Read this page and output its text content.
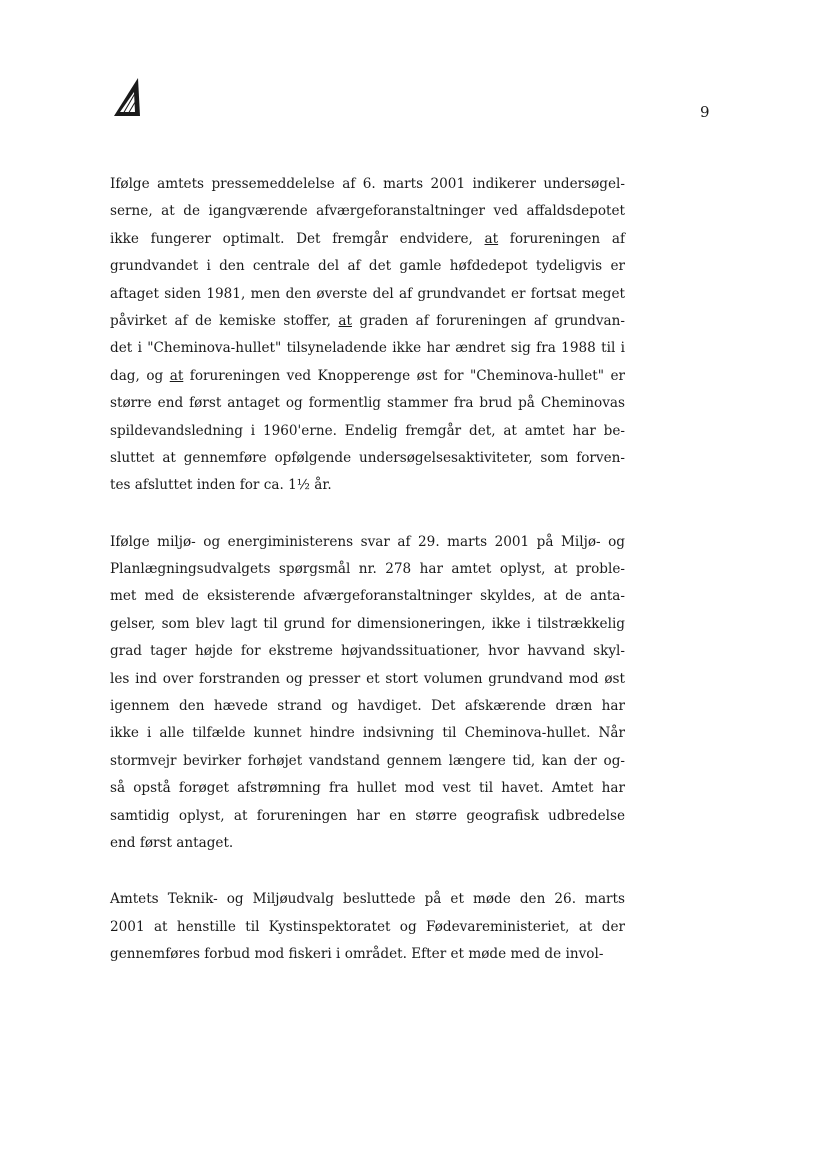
9
Ifølge amtets pressemeddelelse af 6. marts 2001 indikerer undersøgel-
serne, at de igangværende afværgeforanstaltninger ved affaldsdepotet
ikke fungerer optimalt. Det fremgår endvidere, at forureningen af
grundvandet i den centrale del af det gamle høfdedepot tydeligvis er
aftaget siden 1981, men den øverste del af grundvandet er fortsat meget
påvirket af de kemiske stoffer, at graden af forureningen af grundvan-
det i "Cheminova-hullet" tilsyneladende ikke har ændret sig fra 1988 til i
dag, og at forureningen ved Knopperenge øst for "Cheminova-hullet" er
større end først antaget og formentlig stammer fra brud på Cheminovas
spildevandsledning i 1960'erne. Endelig fremgår det, at amtet har be-
sluttet at gennemføre opfølgende undersøgelsesaktiviteter, som forven-
tes afsluttet inden for ca. 1½ år.
Ifølge miljø- og energiministerens svar af 29. marts 2001 på Miljø- og
Planlægningsudvalgets spørgsmål nr. 278 har amtet oplyst, at proble-
met med de eksisterende afværgeforanstaltninger skyldes, at de anta-
gelser, som blev lagt til grund for dimensioneringen, ikke i tilstrækkelig
grad tager højde for ekstreme højvandssituationer, hvor havvand skyl-
les ind over forstranden og presser et stort volumen grundvand mod øst
igennem den hævede strand og havdiget. Det afskærende dræn har
ikke i alle tilfælde kunnet hindre indsivning til Cheminova-hullet. Når
stormvejr bevirker forhøjet vandstand gennem længere tid, kan der og-
så opstå forøget afstrømning fra hullet mod vest til havet. Amtet har
samtidig oplyst, at forureningen har en større geografisk udbredelse
end først antaget.
Amtets Teknik- og Miljøudvalg besluttede på et møde den 26. marts
2001 at henstille til Kystinspektoratet og Fødevareministeriet, at der
gennemføres forbud mod fiskeri i området. Efter et møde med de invol-
